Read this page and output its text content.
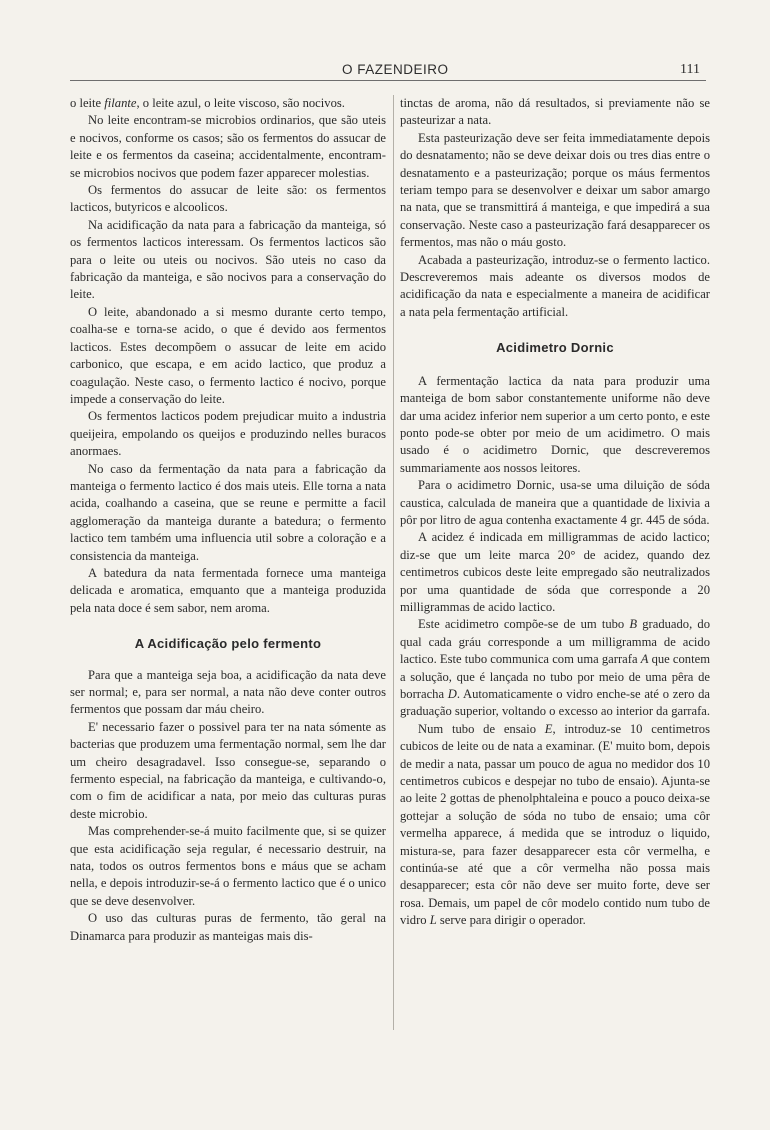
O FAZENDEIRO	111

o leite filante, o leite azul, o leite viscoso, são nocivos.

No leite encontram-se microbios ordinarios, que são uteis e nocivos, conforme os casos; são os fermentos do assucar de leite e os fermentos da caseina; accidentalmente, encontram-se microbios nocivos que podem fazer apparecer molestias.

Os fermentos do assucar de leite são: os fermentos lacticos, butyricos e alcoolicos.

Na acidificação da nata para a fabricação da manteiga, só os fermentos lacticos interessam. Os fermentos lacticos são para o leite ou uteis ou nocivos. São uteis no caso da fabricação da manteiga, e são nocivos para a conservação do leite.

O leite, abandonado a si mesmo durante certo tempo, coalha-se e torna-se acido, o que é devido aos fermentos lacticos. Estes decompõem o assucar de leite em acido carbonico, que escapa, e em acido lactico, que produz a coagulação. Neste caso, o fermento lactico é nocivo, porque impede a conservação do leite.

Os fermentos lacticos podem prejudicar muito a industria queijeira, empolando os queijos e produzindo nelles buracos anormaes.

No caso da fermentação da nata para a fabricação da manteiga o fermento lactico é dos mais uteis. Elle torna a nata acida, coalhando a caseina, que se reune e permitte a facil agglomeração da manteiga durante a batedura; o fermento lactico tem também uma influencia util sobre a coloração e a consistencia da manteiga.

A batedura da nata fermentada fornece uma manteiga delicada e aromatica, emquanto que a manteiga produzida pela nata doce é sem sabor, nem aroma.

A Acidificação pelo fermento

Para que a manteiga seja boa, a acidificação da nata deve ser normal; e, para ser normal, a nata não deve conter outros fermentos que possam dar máu cheiro.

E' necessario fazer o possivel para ter na nata sómente as bacterias que produzem uma fermentação normal, sem lhe dar um cheiro desagradavel. Isso consegue-se, separando o fermento especial, na fabricação da manteiga, e cultivando-o, com o fim de acidificar a nata, por meio das culturas puras deste microbio.

Mas comprehender-se-á muito facilmente que, si se quizer que esta acidificação seja regular, é necessario destruir, na nata, todos os outros fermentos bons e máus que se acham nella, e depois introduzir-se-á o fermento lactico que é o unico que se deve desenvolver.

O uso das culturas puras de fermento, tão geral na Dinamarca para produzir as manteigas mais dis-

tinctas de aroma, não dá resultados, si previamente não se pasteurizar a nata.

Esta pasteurização deve ser feita immediatamente depois do desnatamento; não se deve deixar dois ou tres dias entre o desnatamento e a pasteurização; porque os máus fermentos teriam tempo para se desenvolver e deixar um sabor amargo na nata, que se transmittirá á manteiga, e que impedirá a sua conservação. Neste caso a pasteurização fará desapparecer os fermentos, mas não o máu gosto.

Acabada a pasteurização, introduz-se o fermento lactico. Descreveremos mais adeante os diversos modos de acidificação da nata e especialmente a maneira de acidificar a nata pela fermentação artificial.

Acidimetro Dornic

A fermentação lactica da nata para produzir uma manteiga de bom sabor constantemente uniforme não deve dar uma acidez inferior nem superior a um certo ponto, e este ponto pode-se obter por meio de um acidimetro. O mais usado é o acidimetro Dornic, que descreveremos summariamente aos nossos leitores.

Para o acidimetro Dornic, usa-se uma diluição de sóda caustica, calculada de maneira que a quantidade de lixivia a pôr por litro de agua contenha exactamente 4 gr. 445 de sóda.

A acidez é indicada em milligrammas de acido lactico; diz-se que um leite marca 20° de acidez, quando dez centimetros cubicos deste leite empregado são neutralizados por uma quantidade de sóda que corresponde a 20 milligrammas de acido lactico.

Este acidimetro compõe-se de um tubo B graduado, do qual cada gráu corresponde a um milligramma de acido lactico. Este tubo communica com uma garrafa A que contem a solução, que é lançada no tubo por meio de uma pêra de borracha D. Automaticamente o vidro enche-se até o zero da graduação superior, voltando o excesso ao interior da garrafa.

Num tubo de ensaio E, introduz-se 10 centimetros cubicos de leite ou de nata a examinar. (E' muito bom, depois de medir a nata, passar um pouco de agua no medidor dos 10 centimetros cubicos e despejar no tubo de ensaio). Ajunta-se ao leite 2 gottas de phenolphtaleina e pouco a pouco deixa-se gottejar a solução de sóda no tubo de ensaio; uma côr vermelha apparece, á medida que se introduz o liquido, mistura-se, para fazer desapparecer esta côr vermelha, e continúa-se até que a côr vermelha não possa mais desapparecer; esta côr não deve ser muito forte, deve ser rosa. Demais, um papel de côr modelo contido num tubo de vidro L serve para dirigir o operador.
